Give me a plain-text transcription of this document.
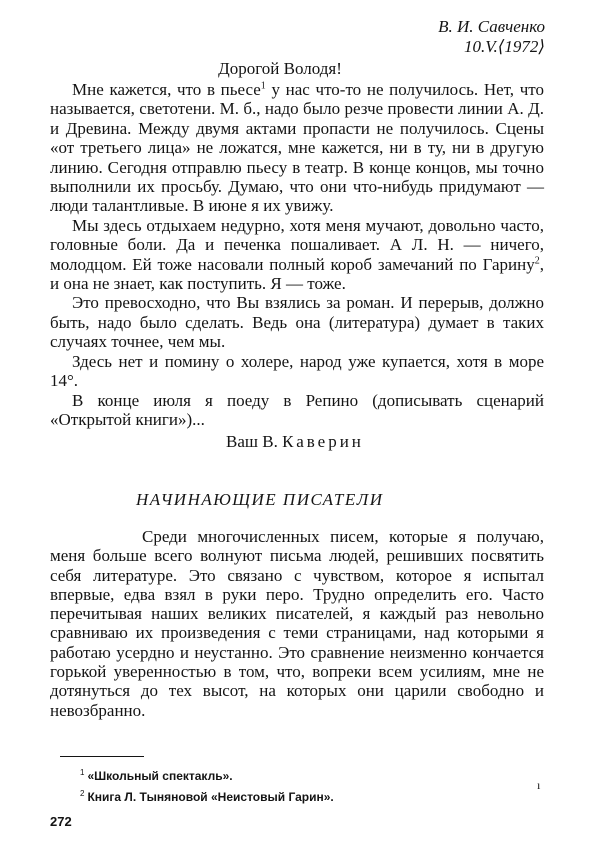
В. И. Савченко
10.V.⟨1972⟩
Дорогой Володя!

Мне кажется, что в пьесе$^1$ у нас что-то не получилось. Нет, что называется, светотени. М. б., надо было резче провести линии А. Д. и Древина. Между двумя актами пропасти не получилось. Сцены «от третьего лица» не ложатся, мне кажется, ни в ту, ни в другую линию. Сегодня отправлю пьесу в театр. В конце концов, мы точно выполнили их просьбу. Думаю, что они что-нибудь придумают — люди талантливые. В июне я их увижу.

Мы здесь отдыхаем недурно, хотя меня мучают, довольно часто, головные боли. Да и печенка пошаливает. А Л. Н. — ничего, молодцом. Ей тоже насовали полный короб замечаний по Гарину$^2$, и она не знает, как поступить. Я — тоже.

Это превосходно, что Вы взялись за роман. И перерыв, должно быть, надо было сделать. Ведь она (литература) думает в таких случаях точнее, чем мы.

Здесь нет и помину о холере, народ уже купается, хотя в море 14°.

В конце июля я поеду в Репино (дописывать сценарий «Открытой книги»)...

Ваш В. Каверин
НАЧИНАЮЩИЕ ПИСАТЕЛИ

Среди многочисленных писем, которые я получаю, меня больше всего волнуют письма людей, решивших посвятить себя литературе. Это связано с чувством, которое я испытал впервые, едва взял в руки перо. Трудно определить его. Часто перечитывая наших великих писателей, я каждый раз невольно сравниваю их произведения с теми страницами, над которыми я работаю усердно и неустанно. Это сравнение неизменно кончается горькой уверенностью в том, что, вопреки всем усилиям, мне не дотянуться до тех высот, на которых они царили свободно и невозбранно.

$^1$ «Школьный спектакль».
$^2$ Книга Л. Тыняновой «Неистовый Гарин».
ı
272
